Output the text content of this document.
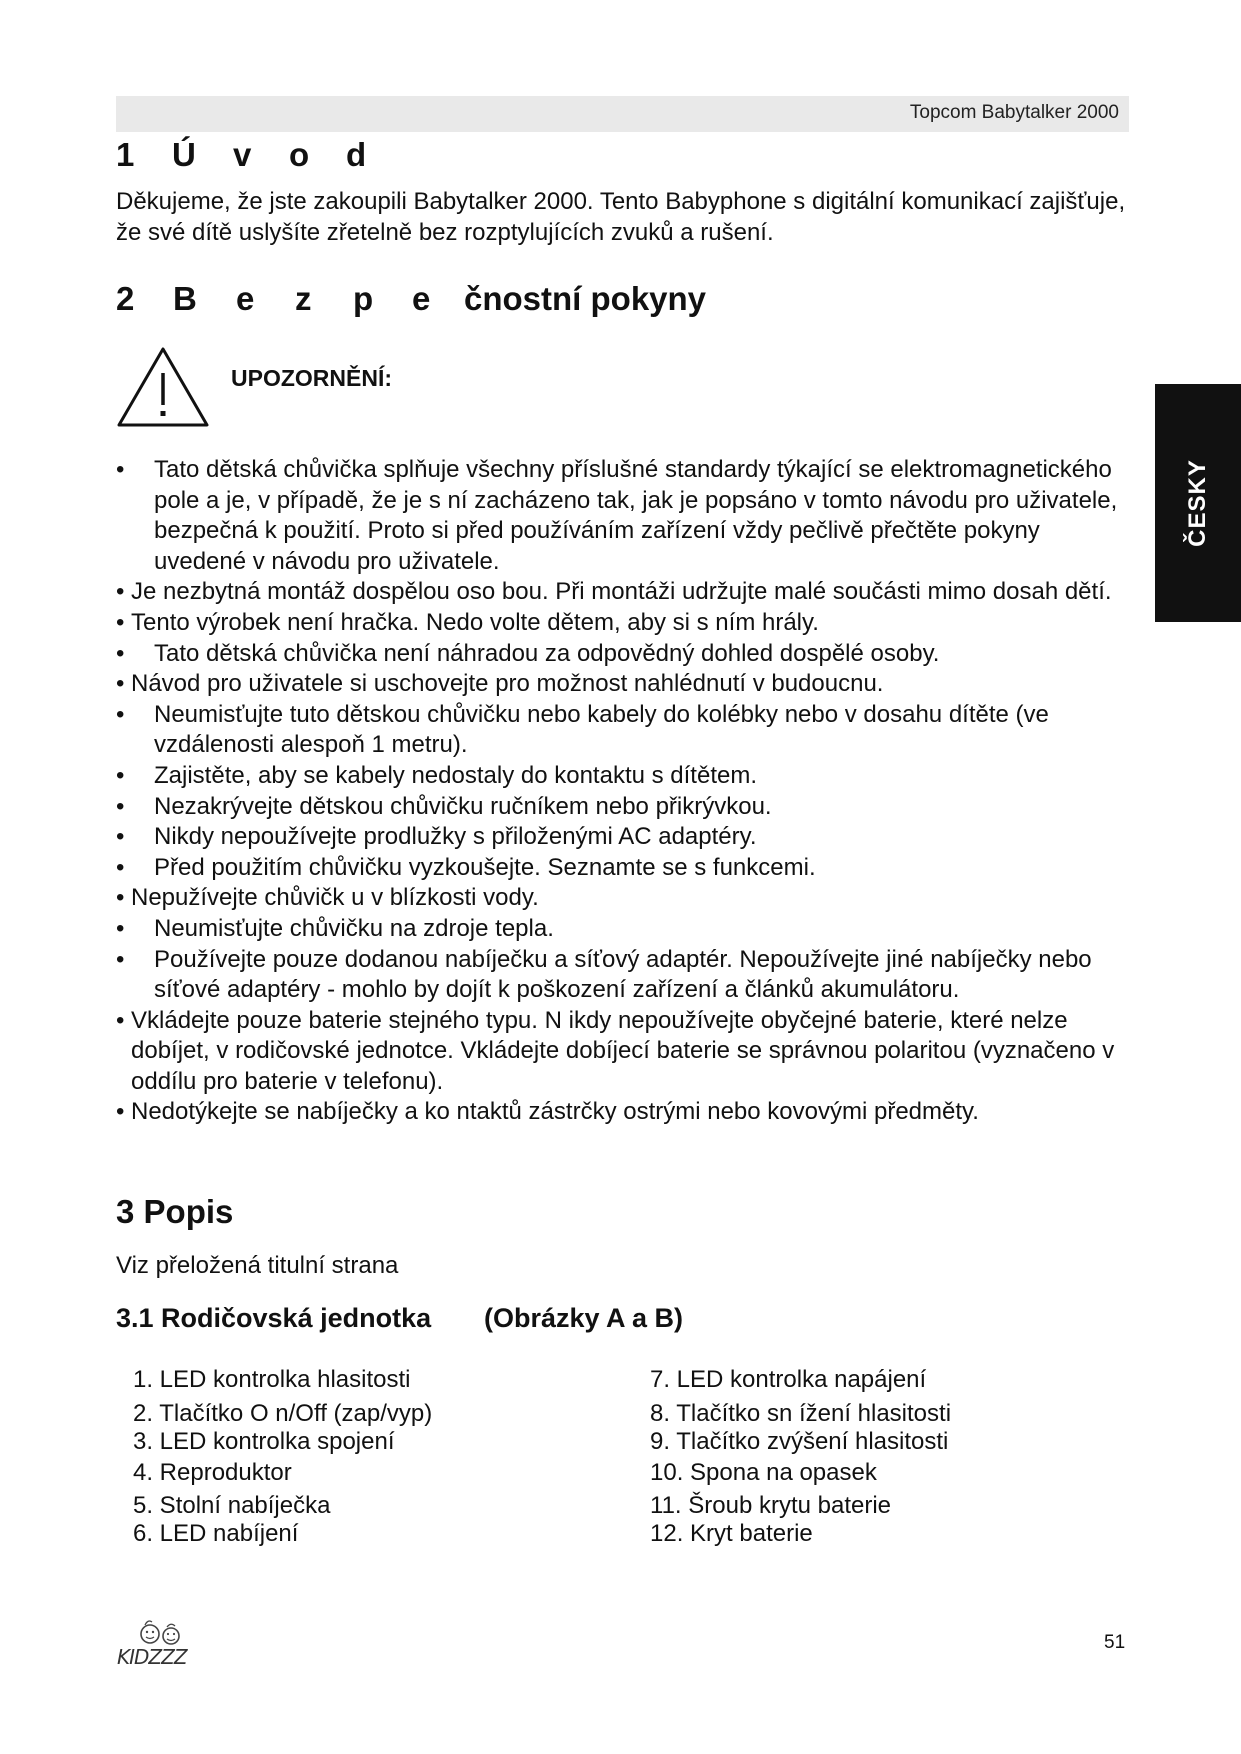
Topcom Babytalker 2000
ČESKY
1 Ú v o d

Děkujeme, že jste zakoupili Babytalker 2000. Tento Babyphone s digitální komunikací zajišťuje, že své dítě uslyšíte zřetelně bez rozptylujících zvuků a rušení.

2 B e z p e čnostní pokyny
UPOZORNĚNÍ:
• Tato dětská chůvička splňuje všechny příslušné standardy týkající se elektromagnetického pole a je, v případě, že je s ní zacházeno tak, jak je popsáno v tomto návodu pro uživatele, bezpečná k použití. Proto si před používáním zařízení vždy pečlivě přečtěte pokyny uvedené v návodu pro uživatele.
• Je nezbytná montáž dospělou oso bou. Při montáži udržujte malé součásti mimo dosah dětí.
• Tento výrobek není hračka. Nedo volte dětem, aby si s ním hrály.
• Tato dětská chůvička není náhradou za odpovědný dohled dospělé osoby.
• Návod pro uživatele si uschovejte pro možnost nahlédnutí v budoucnu.
• Neumisťujte tuto dětskou chůvičku nebo kabely do kolébky nebo v dosahu dítěte (ve vzdálenosti alespoň 1 metru).
• Zajistěte, aby se kabely nedostaly do kontaktu s dítětem.
• Nezakrývejte dětskou chůvičku ručníkem nebo přikrývkou.
• Nikdy nepoužívejte prodlužky s přiloženými AC adaptéry.
• Před použitím chůvičku vyzkoušejte. Seznamte se s funkcemi.
• Nepužívejte chůvičk u v blízkosti vody.
• Neumisťujte chůvičku na zdroje tepla.
• Používejte pouze dodanou nabíječku a síťový adaptér. Nepoužívejte jiné nabíječky nebo síťové adaptéry - mohlo by dojít k poškození zařízení a článků akumulátoru.
• Vkládejte pouze baterie stejného typu. N ikdy nepoužívejte obyčejné baterie, které nelze dobíjet, v rodičovské jednotce. Vkládejte dobíjecí baterie se správnou polaritou (vyznačeno v oddílu pro baterie v telefonu).
• Nedotýkejte se nabíječky a ko ntaktů zástrčky ostrými nebo kovovými předměty.
3 Popis

Viz přeložená titulní strana

3.1 Rodičovská jednotka (Obrázky A a B)
1. LED kontrolka hlasitosti
2. Tlačítko O n/Off (zap/vyp)
3. LED kontrolka spojení
4. Reproduktor
5. Stolní nabíječka
6. LED nabíjení
7. LED kontrolka napájení
8. Tlačítko sn ížení hlasitosti
9. Tlačítko zvýšení hlasitosti
10. Spona na opasek
11. Šroub krytu baterie
12. Kryt baterie
KIDZZZ
51
